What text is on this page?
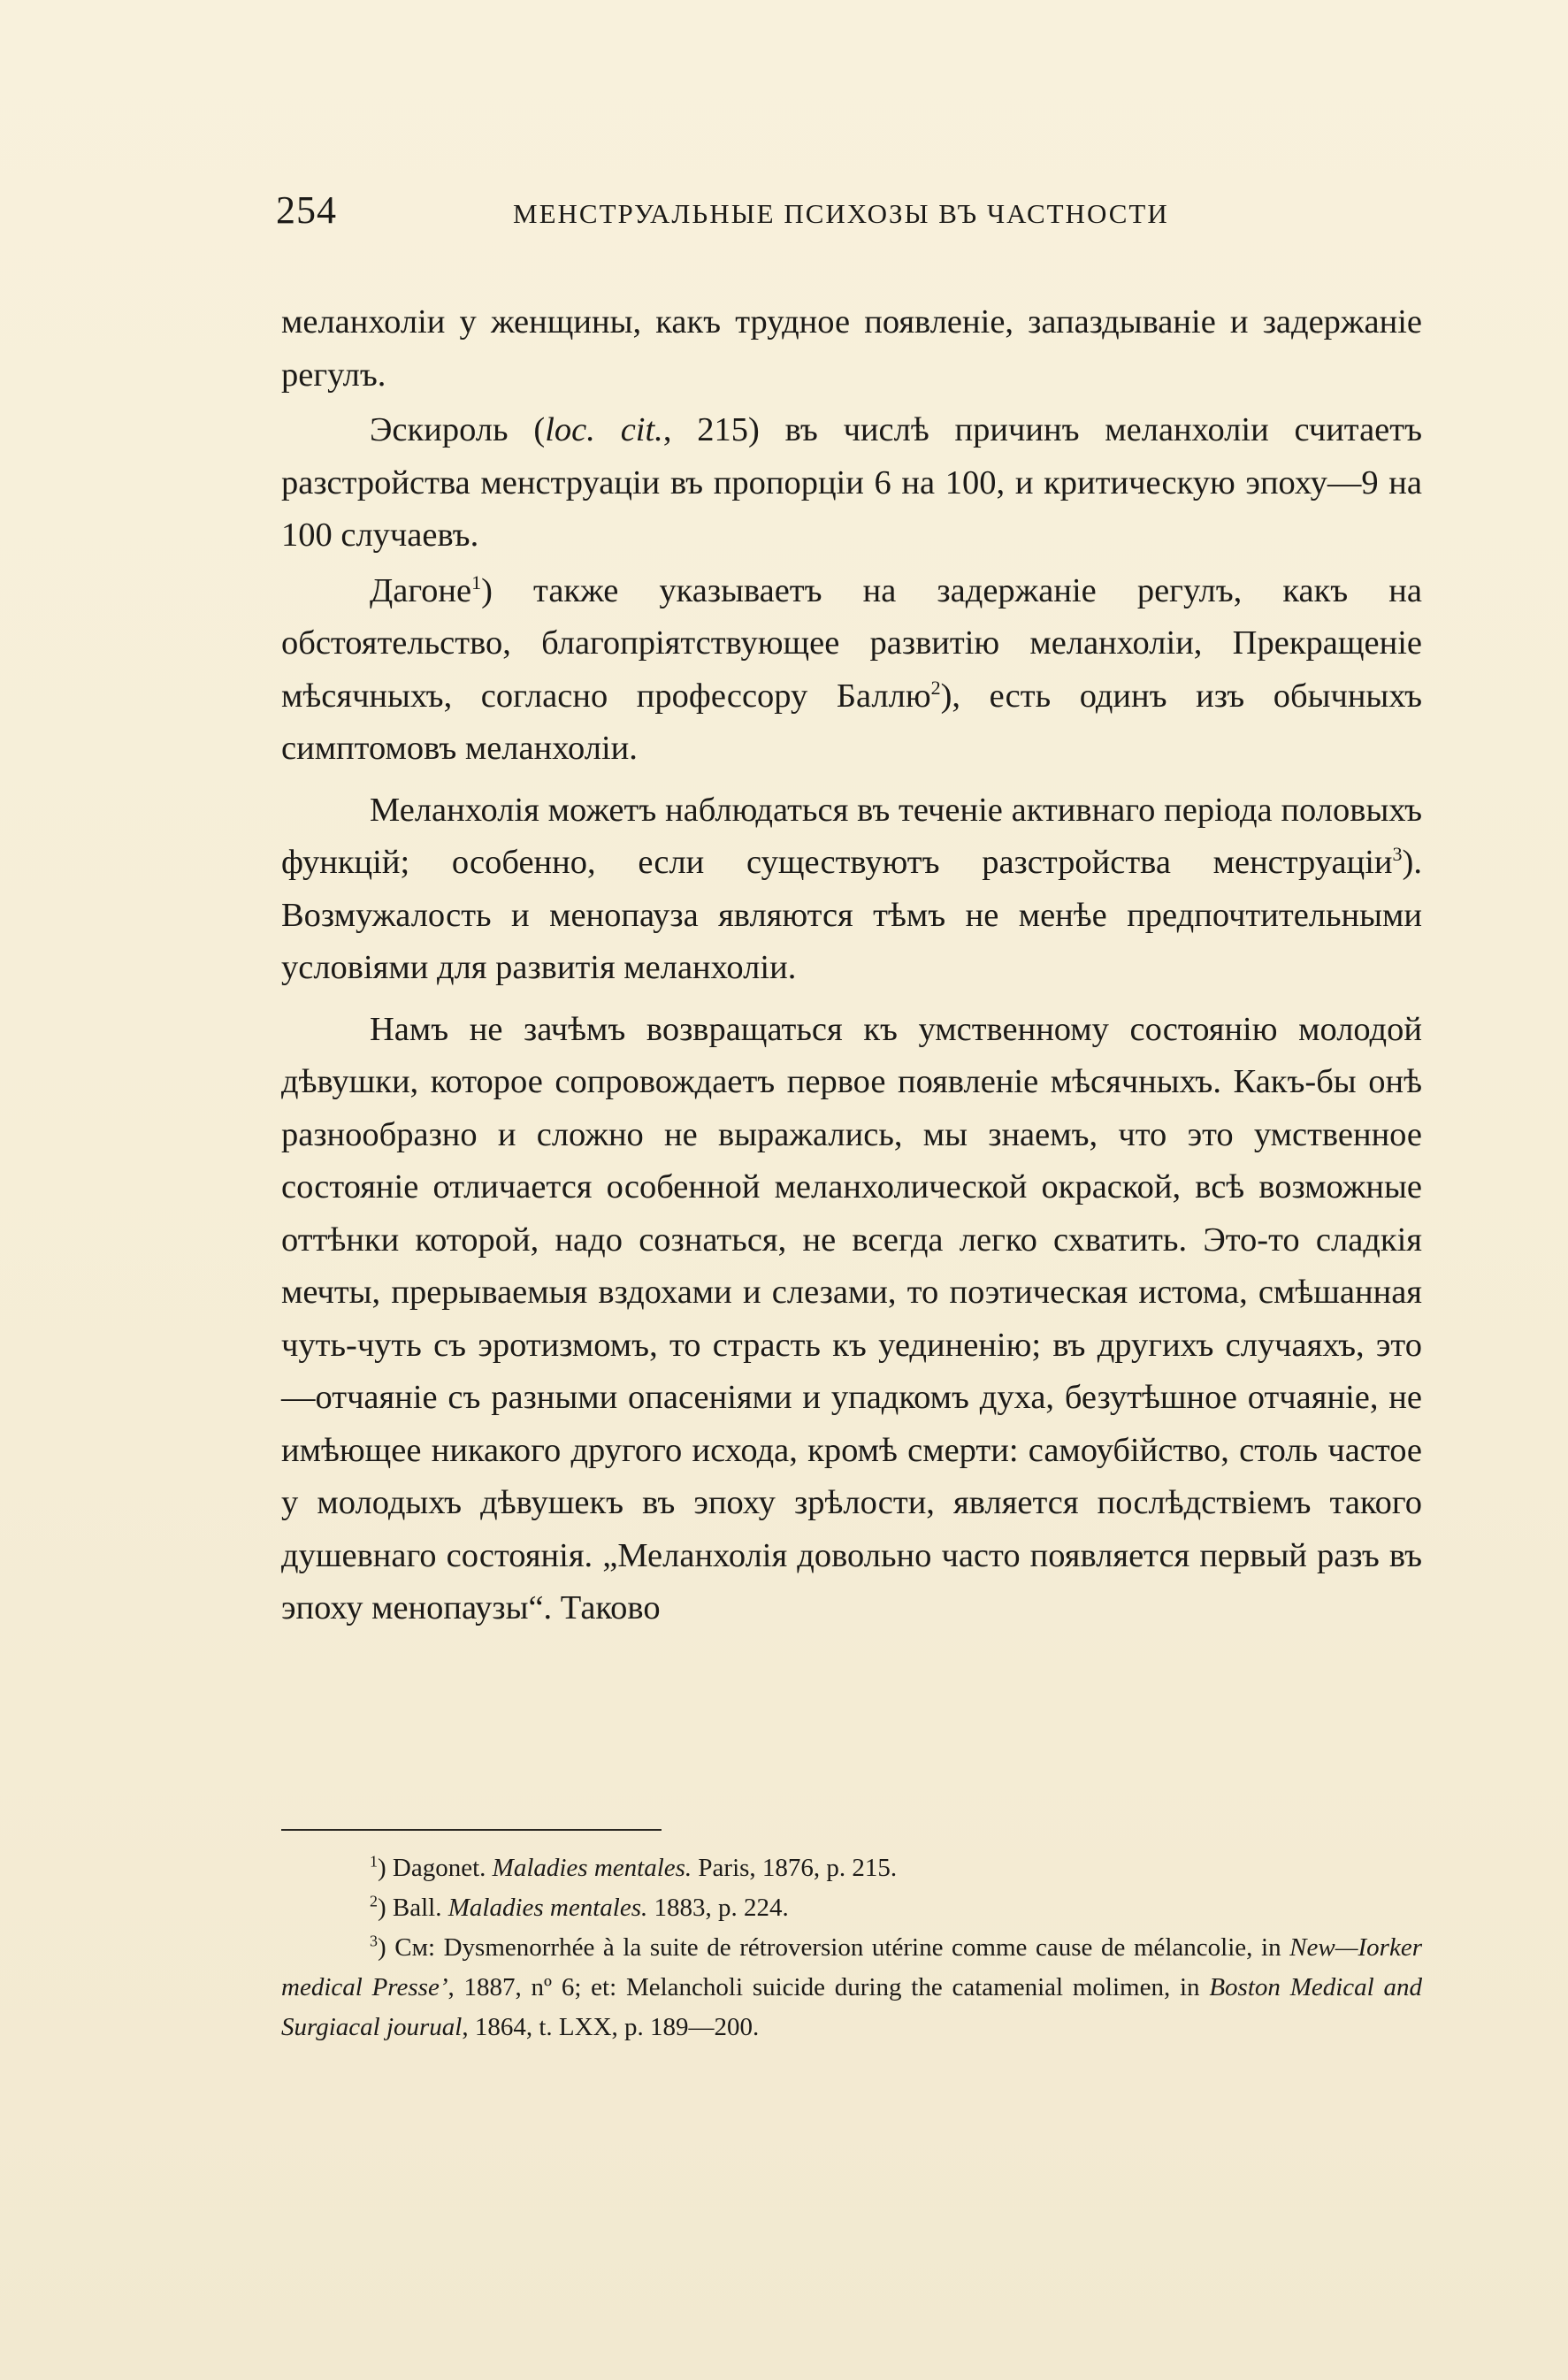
254	МЕНСТРУАЛЬНЫЕ ПСИХОЗЫ ВЪ ЧАСТНОСТИ

меланхоліи у женщины, какъ трудное появленіе, запаздываніе и задержаніе регулъ.

Эскироль (loc. cit., 215) въ числѣ причинъ меланхоліи считаетъ разстройства менструаціи въ пропорціи 6 на 100, и критическую эпоху—9 на 100 случаевъ.

Дагоне$^1$) также указываетъ на задержаніе регулъ, какъ на обстоятельство, благопріятствующее развитію меланхоліи, Прекращеніе мѣсячныхъ, согласно профессору Баллю$^2$), есть одинъ изъ обычныхъ симптомовъ меланхоліи.

Меланхолія можетъ наблюдаться въ теченіе активнаго періода половыхъ функцій; особенно, если существуютъ разстройства менструаціи$^3$). Возмужалость и менопауза являются тѣмъ не менѣе предпочтительными условіями для развитія меланхоліи.

Намъ не зачѣмъ возвращаться къ умственному состоянію молодой дѣвушки, которое сопровождаетъ первое появленіе мѣсячныхъ. Какъ-бы онѣ разнообразно и сложно не выражались, мы знаемъ, что это умственное состояніе отличается особенной меланхолической окраской, всѣ возможные оттѣнки которой, надо сознаться, не всегда легко схватить. Это-то сладкія мечты, прерываемыя вздохами и слезами, то поэтическая истома, смѣшанная чуть-чуть съ эротизмомъ, то страсть къ уединенію; въ другихъ случаяхъ, это—отчаяніе съ разными опасеніями и упадкомъ духа, безутѣшное отчаяніе, не имѣющее никакого другого исхода, кромѣ смерти: самоубійство, столь частое у молодыхъ дѣвушекъ въ эпоху зрѣлости, является послѣдствіемъ такого душевнаго состоянія. „Меланхолія довольно часто появляется первый разъ въ эпоху менопаузы“. Таково

$^1$) Dagonet. Maladies mentales. Paris, 1876, p. 215.

$^2$) Ball. Maladies mentales. 1883, p. 224.

$^3$) См: Dysmenorrhée à la suite de rétroversion utérine comme cause de mélancolie, in New—Iorker medical Presse’, 1887, nº 6; et: Melancholi suicide during the catamenial molimen, in Boston Medical and Surgiacal jourual, 1864, t. LXX, p. 189—200.
